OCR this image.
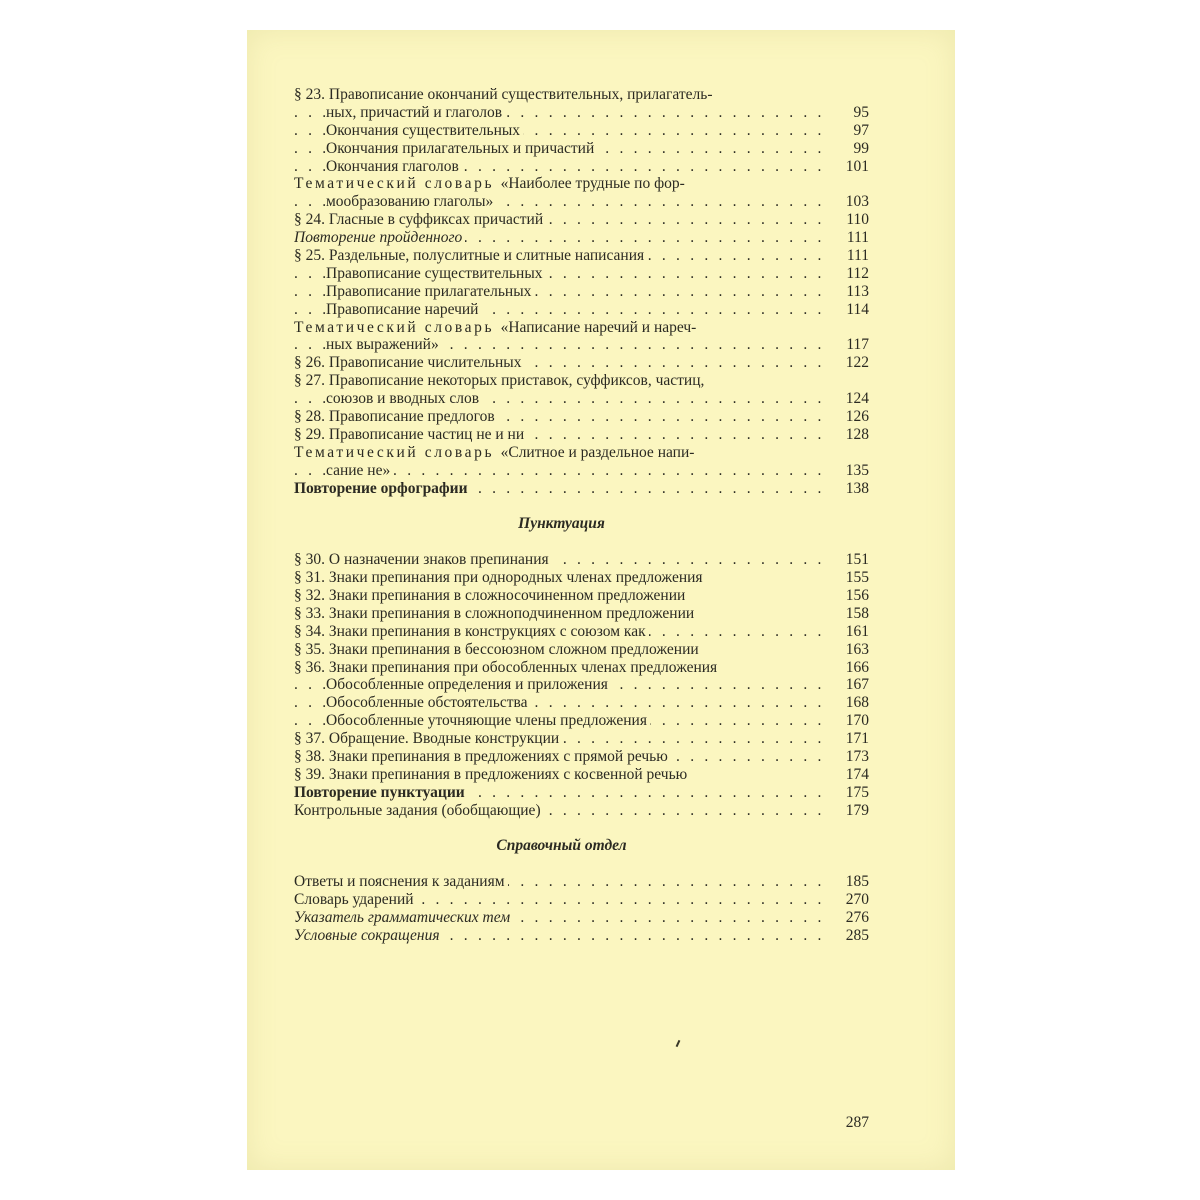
§ 23. Правописание окончаний существительных, прилагатель-
ных, причастий и глаголов . . .	95
Окончания существительных . . .	97
Окончания прилагательных и причастий . . .	99
Окончания глаголов . . .	101
Тематический словарь «Наиболее трудные по фор-
мообразованию глаголы» . . .	103
§ 24. Гласные в суффиксах причастий . . .	110
Повторение пройденного . . .	111
§ 25. Раздельные, полуслитные и слитные написания . . .	111
Правописание существительных . . .	112
Правописание прилагательных . . .	113
Правописание наречий . . .	114
Тематический словарь «Написание наречий и нареч-
ных выражений» . . .	117
§ 26. Правописание числительных . . .	122
§ 27. Правописание некоторых приставок, суффиксов, частиц,
союзов и вводных слов . . .	124
§ 28. Правописание предлогов . . .	126
§ 29. Правописание частиц не и ни . . .	128
Тематический словарь «Слитное и раздельное напи-
сание не» . . .	135
Повторение орфографии . . .	138
Пунктуация
§ 30. О назначении знаков препинания . . .	151
§ 31. Знаки препинания при однородных членах предложения	155
§ 32. Знаки препинания в сложносочиненном предложении	156
§ 33. Знаки препинания в сложноподчиненном предложении	158
§ 34. Знаки препинания в конструкциях с союзом как . . .	161
§ 35. Знаки препинания в бессоюзном сложном предложении	163
§ 36. Знаки препинания при обособленных членах предложения	166
Обособленные определения и приложения . . .	167
Обособленные обстоятельства . . .	168
Обособленные уточняющие члены предложения . . .	170
§ 37. Обращение. Вводные конструкции . . .	171
§ 38. Знаки препинания в предложениях с прямой речью . . .	173
§ 39. Знаки препинания в предложениях с косвенной речью	174
Повторение пунктуации . . .	175
Контрольные задания (обобщающие) . . .	179
Справочный отдел
Ответы и пояснения к заданиям . . .	185
Словарь ударений . . .	270
Указатель грамматических тем . . .	276
Условные сокращения . . .	285
287
